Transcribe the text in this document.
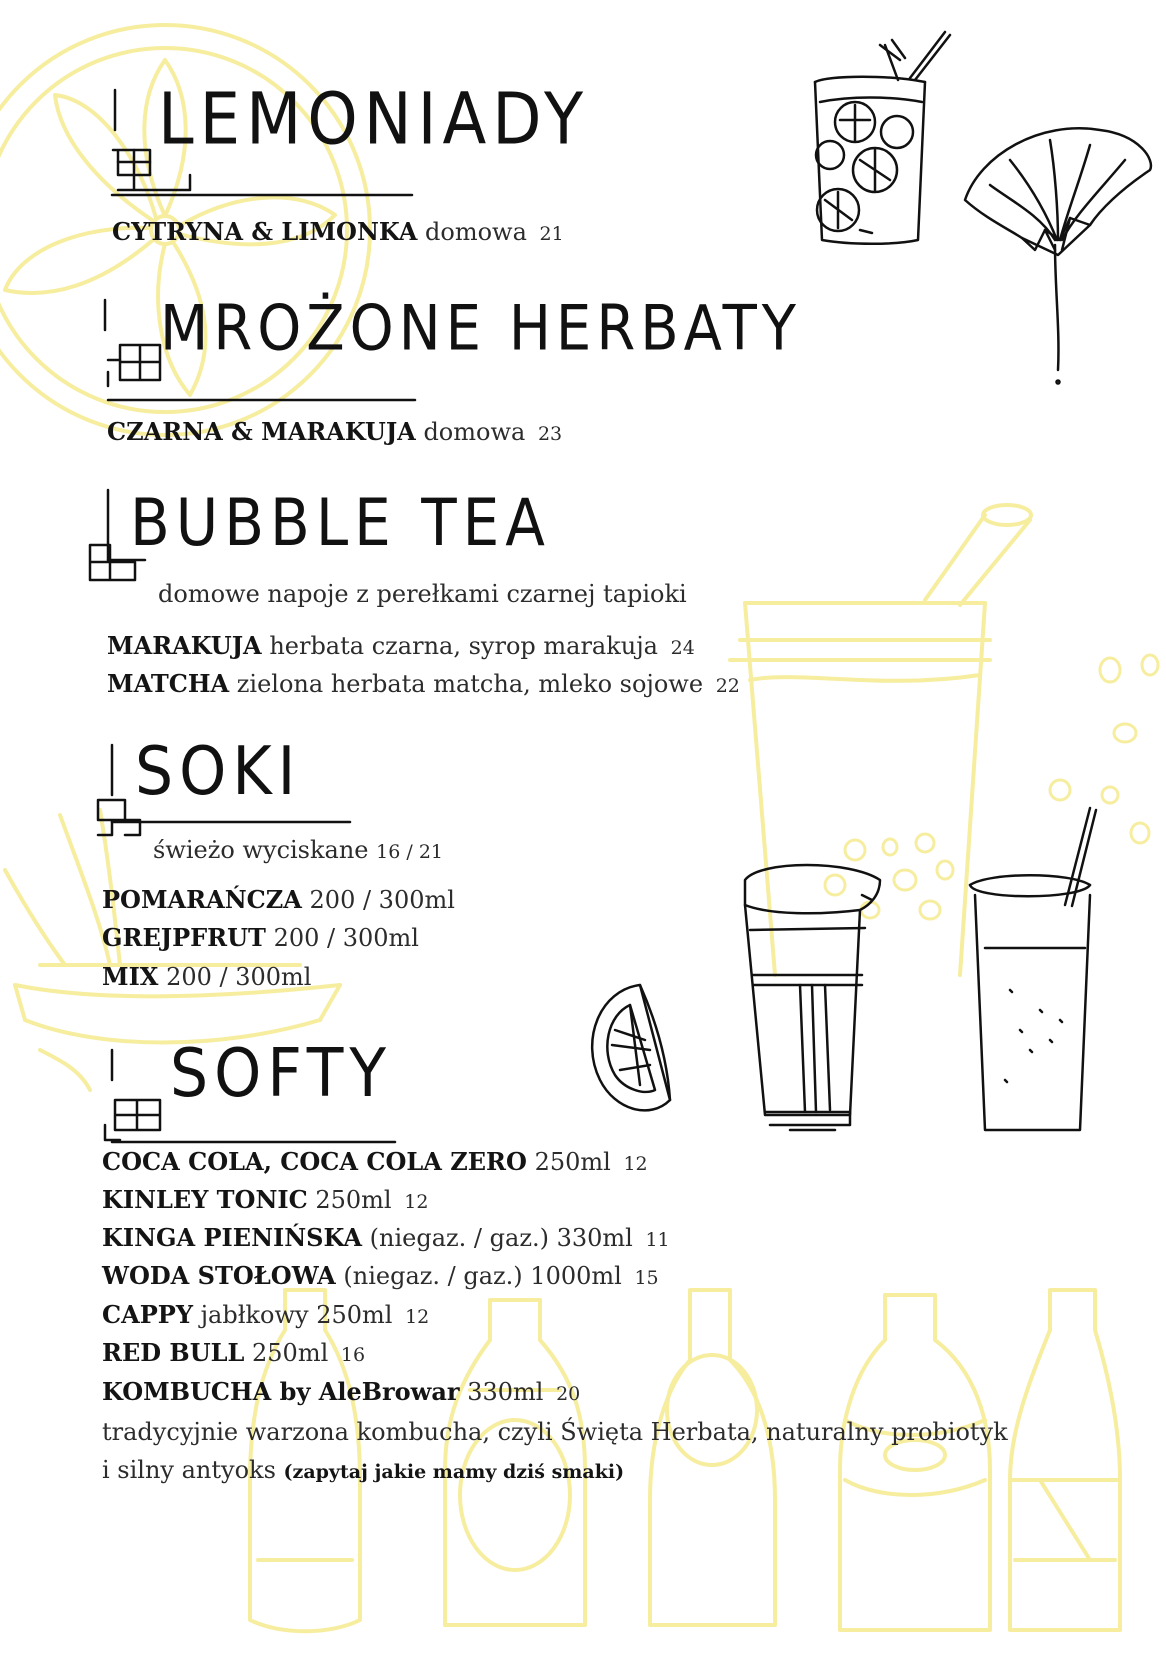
LEMONIADY

CYTRYNA & LIMONKA domowa 21

MROŻONE HERBATY

CZARNA & MARAKUJA domowa 23

BUBBLE TEA

domowe napoje z perełkami czarnej tapioki

MARAKUJA herbata czarna, syrop marakuja 24

MATCHA zielona herbata matcha, mleko sojowe 22

SOKI

świeżo wyciskane 16 / 21

POMARAŃCZA 200 / 300ml

GREJPFRUT 200 / 300ml

MIX 200 / 300ml

SOFTY

COCA COLA, COCA COLA ZERO 250ml 12

KINLEY TONIC 250ml 12

KINGA PIENIŃSKA (niegaz. / gaz.) 330ml 11

WODA STOŁOWA (niegaz. / gaz.) 1000ml 15

CAPPY jabłkowy 250ml 12

RED BULL 250ml 16

KOMBUCHA by AleBrowar 330ml 20

tradycyjnie warzona kombucha, czyli Święta Herbata, naturalny probiotyk

i silny antyoks (zapytaj jakie mamy dziś smaki)
